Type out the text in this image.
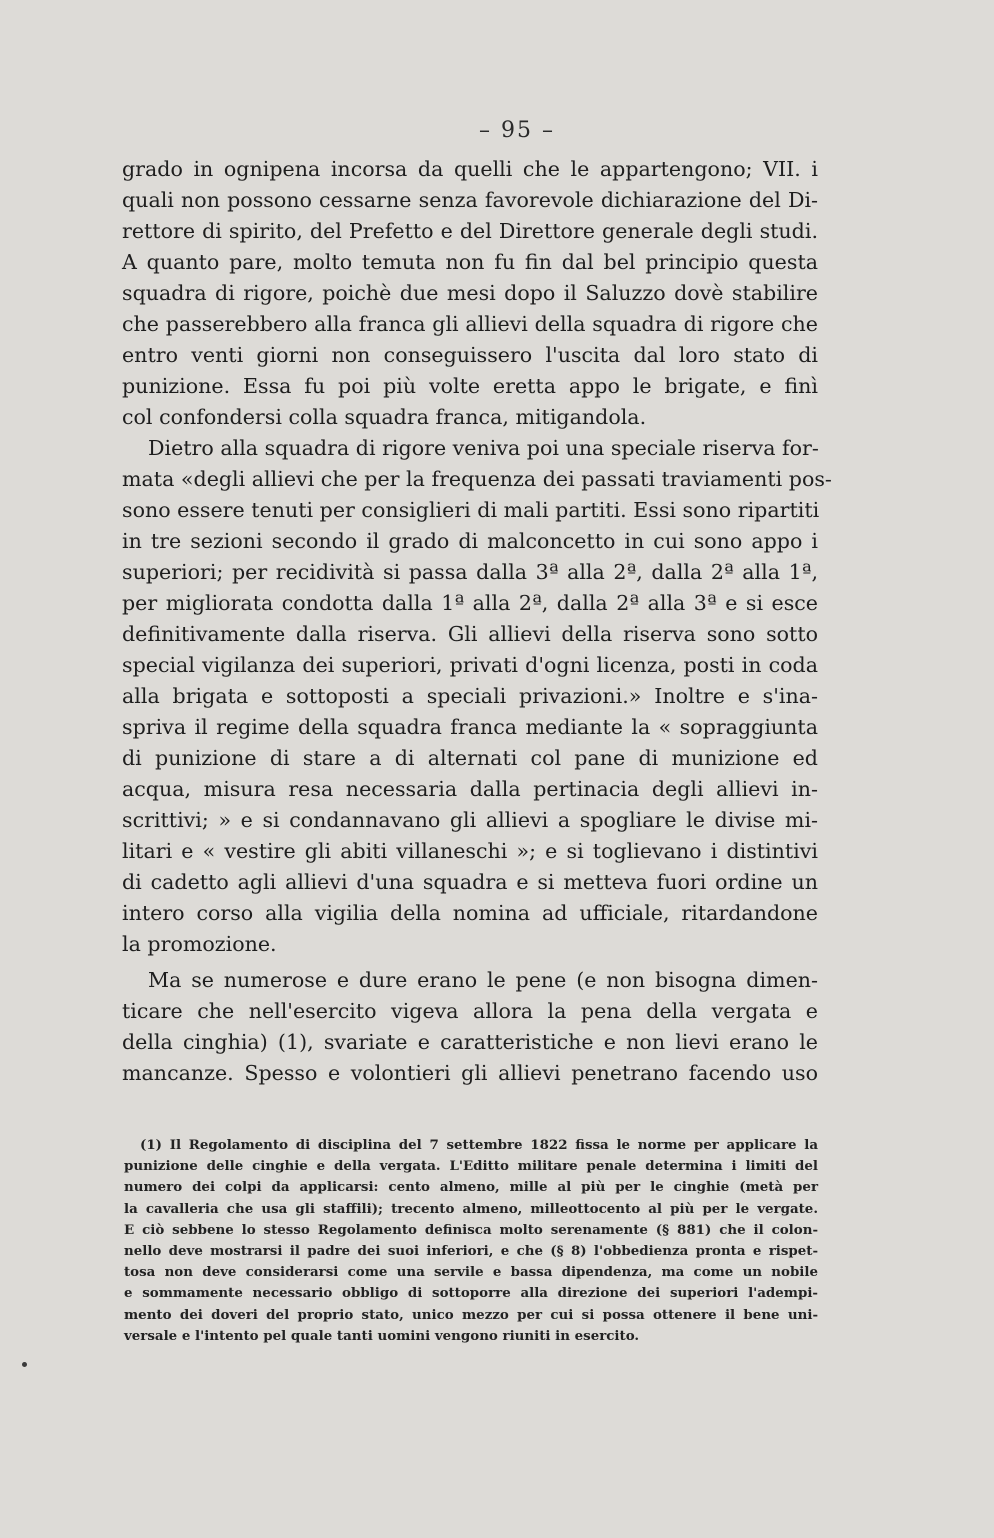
– 95 –
grado in ognipena incorsa da quelli che le appartengono; VII. i
quali non possono cessarne senza favorevole dichiarazione del Di-
rettore di spirito, del Prefetto e del Direttore generale degli studi.
A quanto pare, molto temuta non fu fin dal bel principio questa
squadra di rigore, poichè due mesi dopo il Saluzzo dovè stabilire
che passerebbero alla franca gli allievi della squadra di rigore che
entro venti giorni non conseguissero l'uscita dal loro stato di
punizione. Essa fu poi più volte eretta appo le brigate, e finì
col confondersi colla squadra franca, mitigandola.
Dietro alla squadra di rigore veniva poi una speciale riserva for-
mata «degli allievi che per la frequenza dei passati traviamenti pos-
sono essere tenuti per consiglieri di mali partiti. Essi sono ripartiti
in tre sezioni secondo il grado di malconcetto in cui sono appo i
superiori; per recidività si passa dalla 3ª alla 2ª, dalla 2ª alla 1ª,
per migliorata condotta dalla 1ª alla 2ª, dalla 2ª alla 3ª e si esce
definitivamente dalla riserva. Gli allievi della riserva sono sotto
special vigilanza dei superiori, privati d'ogni licenza, posti in coda
alla brigata e sottoposti a speciali privazioni.» Inoltre e s'ina-
spriva il regime della squadra franca mediante la « sopraggiunta
di punizione di stare a di alternati col pane di munizione ed
acqua, misura resa necessaria dalla pertinacia degli allievi in-
scrittivi; » e si condannavano gli allievi a spogliare le divise mi-
litari e « vestire gli abiti villaneschi »; e si toglievano i distintivi
di cadetto agli allievi d'una squadra e si metteva fuori ordine un
intero corso alla vigilia della nomina ad ufficiale, ritardandone
la promozione.
Ma se numerose e dure erano le pene (e non bisogna dimen-
ticare che nell'esercito vigeva allora la pena della vergata e
della cinghia) (1), svariate e caratteristiche e non lievi erano le
mancanze. Spesso e volontieri gli allievi penetrano facendo uso
(1) Il Regolamento di disciplina del 7 settembre 1822 fissa le norme per applicare la
punizione delle cinghie e della vergata. L'Editto militare penale determina i limiti del
numero dei colpi da applicarsi: cento almeno, mille al più per le cinghie (metà per
la cavalleria che usa gli staffili); trecento almeno, milleottocento al più per le vergate.
E ciò sebbene lo stesso Regolamento definisca molto serenamente (§ 881) che il colon-
nello deve mostrarsi il padre dei suoi inferiori, e che (§ 8) l'obbedienza pronta e rispet-
tosa non deve considerarsi come una servile e bassa dipendenza, ma come un nobile
e sommamente necessario obbligo di sottoporre alla direzione dei superiori l'adempi-
mento dei doveri del proprio stato, unico mezzo per cui si possa ottenere il bene uni-
versale e l'intento pel quale tanti uomini vengono riuniti in esercito.
